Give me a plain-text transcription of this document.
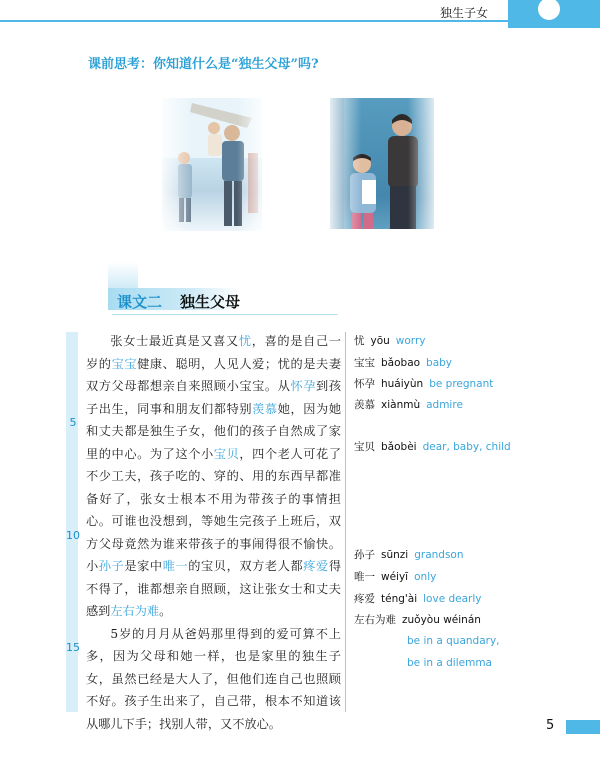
独生子女
课前思考：你知道什么是“独生父母”吗?
课文二 独生父母
5
10
15

张女士最近真是又喜又忧，喜的是自己一岁的宝宝健康、聪明，人见人爱；忧的是夫妻双方父母都想亲自来照顾小宝宝。从怀孕到孩子出生，同事和朋友们都特别羡慕她，因为她和丈夫都是独生子女，他们的孩子自然成了家里的中心。为了这个小宝贝，四个老人可花了不少工夫，孩子吃的、穿的、用的东西早都准备好了，张女士根本不用为带孩子的事情担心。可谁也没想到，等她生完孩子上班后，双方父母竟然为谁来带孩子的事闹得很不愉快。小孙子是家中唯一的宝贝，双方老人都疼爱得不得了，谁都想亲自照顾，这让张女士和丈夫感到左右为难。

5岁的月月从爸妈那里得到的爱可算不上多，因为父母和她一样，也是家里的独生子女，虽然已经是大人了，但他们连自己也照顾不好。孩子生出来了，自己带，根本不知道该从哪儿下手；找别人带，又不放心。

忧 yōu worry
宝宝 bǎobao baby
怀孕 huáiyùn be pregnant
羡慕 xiànmù admire
宝贝 bǎobèi dear, baby, child
孙子 sūnzi grandson
唯一 wéiyī only
疼爱 téng'ài love dearly
左右为难 zuǒyòu wéinán
be in a quandary,
be in a dilemma
5
